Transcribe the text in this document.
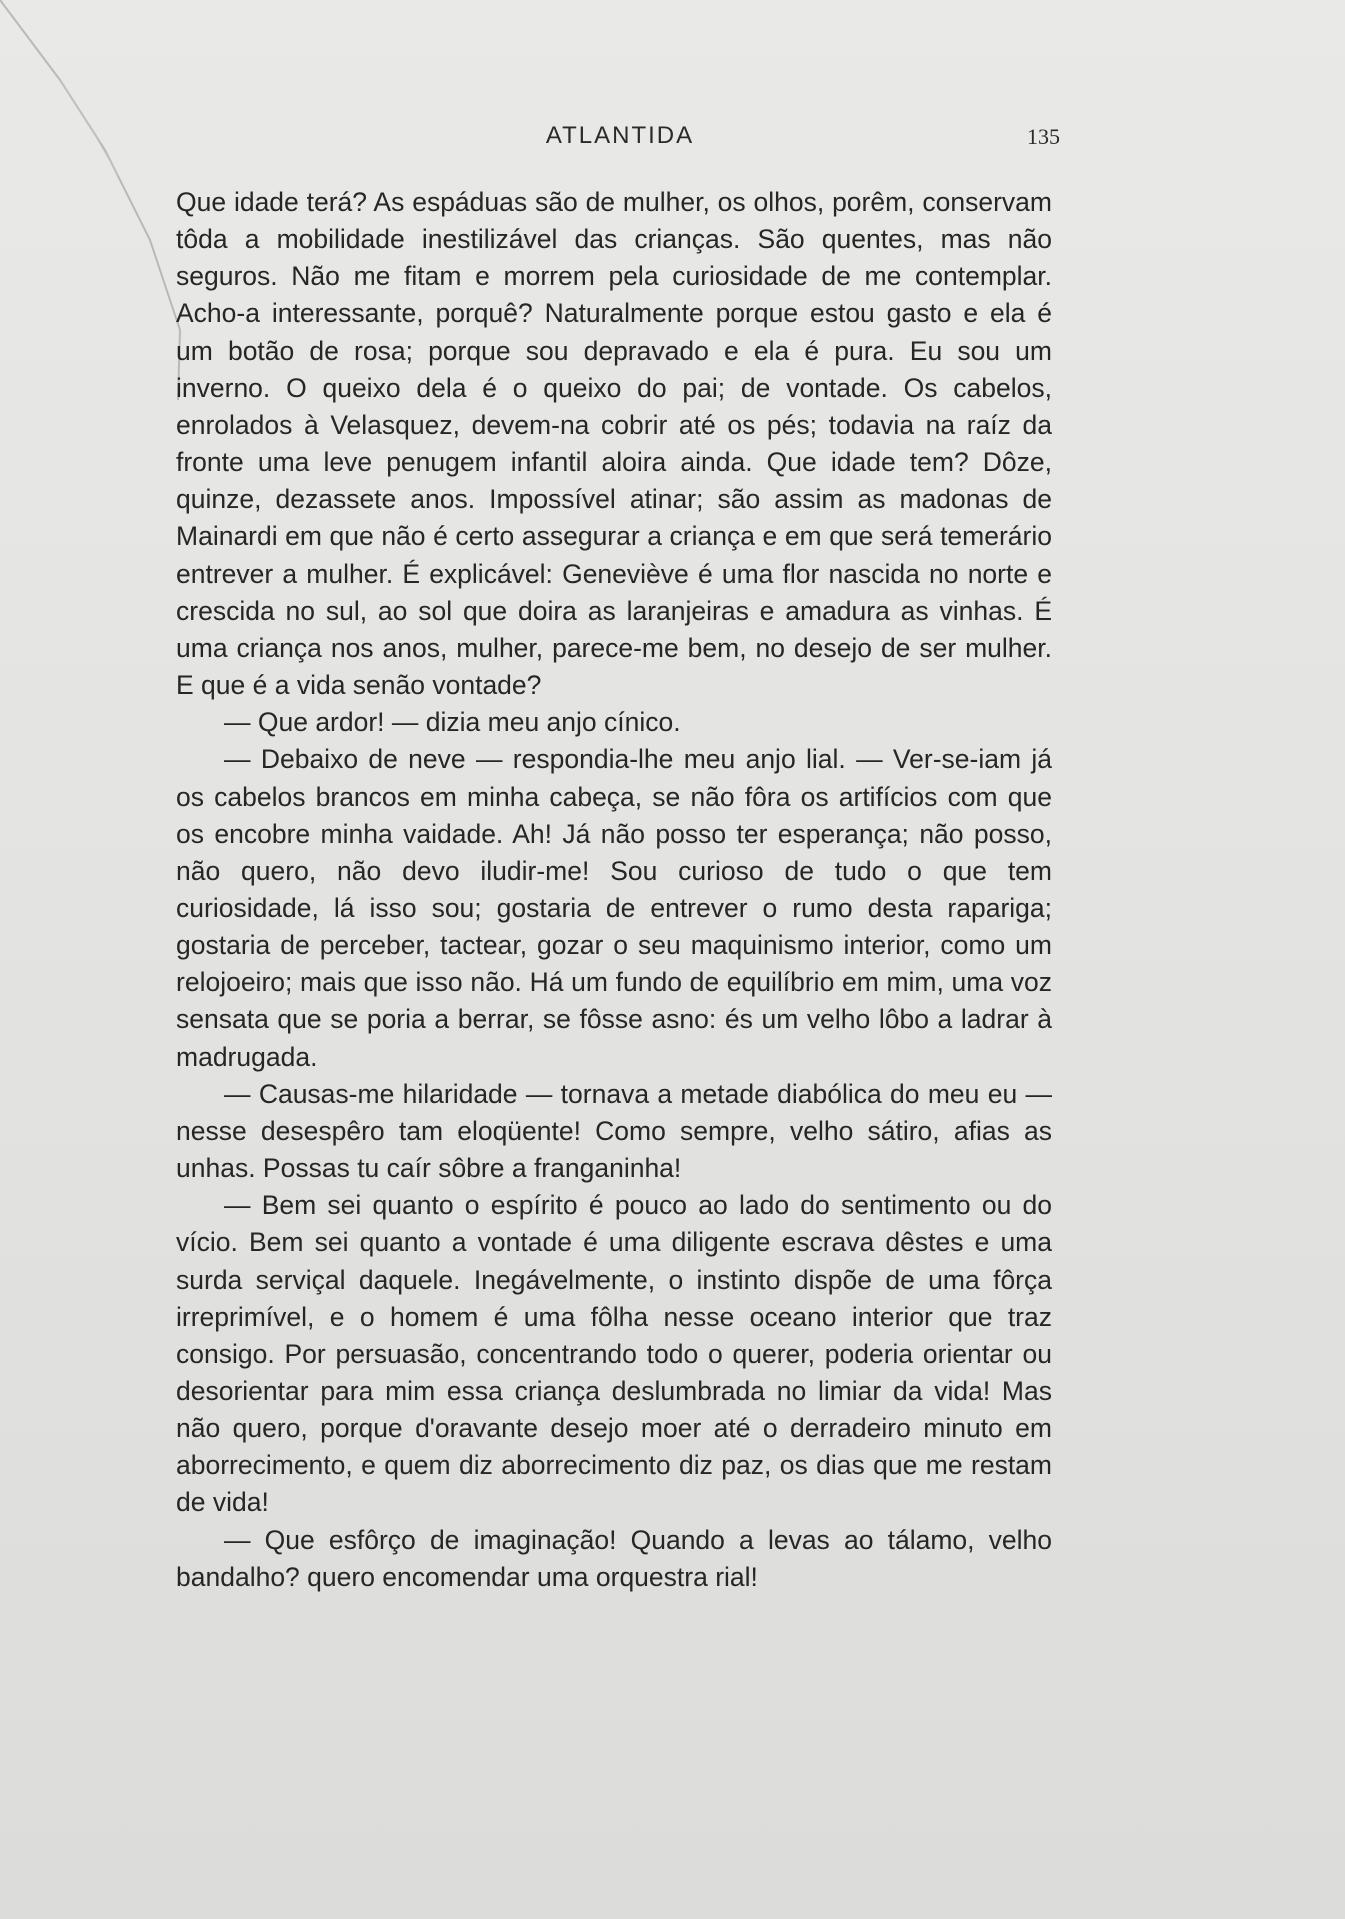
ATLANTIDA	135

Que idade terá? As espáduas são de mulher, os olhos, porêm, conservam tôda a mobilidade inestilizável das crianças. São quentes, mas não seguros. Não me fitam e morrem pela curiosidade de me contemplar. Acho-a interessante, porquê? Naturalmente porque estou gasto e ela é um botão de rosa; porque sou depravado e ela é pura. Eu sou um inverno. O queixo dela é o queixo do pai; de vontade. Os cabelos, enrolados à Velasquez, devem-na cobrir até os pés; todavia na raíz da fronte uma leve penugem infantil aloira ainda. Que idade tem? Dôze, quinze, dezassete anos. Impossível atinar; são assim as madonas de Mainardi em que não é certo assegurar a criança e em que será temerário entrever a mulher. É explicável: Geneviève é uma flor nascida no norte e crescida no sul, ao sol que doira as laranjeiras e amadura as vinhas. É uma criança nos anos, mulher, parece-me bem, no desejo de ser mulher. E que é a vida senão vontade?

— Que ardor! — dizia meu anjo cínico.

— Debaixo de neve — respondia-lhe meu anjo lial. — Ver-se-iam já os cabelos brancos em minha cabeça, se não fôra os artifícios com que os encobre minha vaidade. Ah! Já não posso ter esperança; não posso, não quero, não devo iludir-me! Sou curioso de tudo o que tem curiosidade, lá isso sou; gostaria de entrever o rumo desta rapariga; gostaria de perceber, tactear, gozar o seu maquinismo interior, como um relojoeiro; mais que isso não. Há um fundo de equilíbrio em mim, uma voz sensata que se poria a berrar, se fôsse asno: és um velho lôbo a ladrar à madrugada.

— Causas-me hilaridade — tornava a metade diabólica do meu eu — nesse desespêro tam eloqüente! Como sempre, velho sátiro, afias as unhas. Possas tu caír sôbre a franganinha!

— Bem sei quanto o espírito é pouco ao lado do sentimento ou do vício. Bem sei quanto a vontade é uma diligente escrava dêstes e uma surda serviçal daquele. Inegávelmente, o instinto dispõe de uma fôrça irreprimível, e o homem é uma fôlha nesse oceano interior que traz consigo. Por persuasão, concentrando todo o querer, poderia orientar ou desorientar para mim essa criança deslumbrada no limiar da vida! Mas não quero, porque d'oravante desejo moer até o derradeiro minuto em aborrecimento, e quem diz aborrecimento diz paz, os dias que me restam de vida!

— Que esfôrço de imaginação! Quando a levas ao tálamo, velho bandalho? quero encomendar uma orquestra rial!
